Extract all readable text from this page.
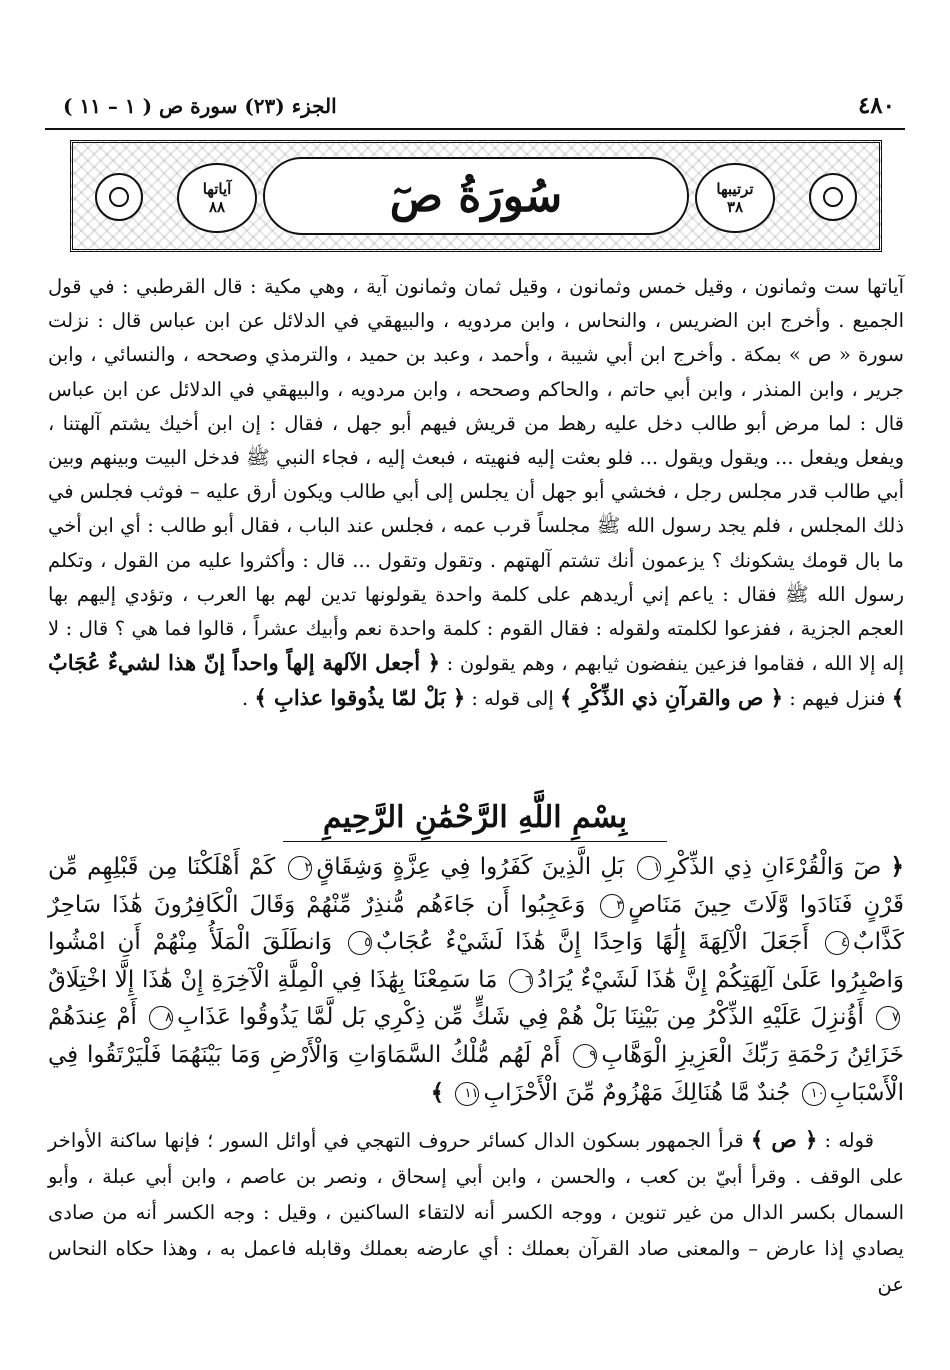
٤٨٠
الجزء (٢٣) سورة ص ( ١ – ١١ )
ترتيبها
٣٨
سُورَةُ صٓ
آياتها
٨٨

آياتها ست وثمانون ، وقيل خمس وثمانون ، وقيل ثمان وثمانون آية ، وهي مكية : قال القرطبي : في قول الجميع . وأخرج ابن الضريس ، والنحاس ، وابن مردويه ، والبيهقي في الدلائل عن ابن عباس قال : نزلت سورة « ص » بمكة . وأخرج ابن أبي شيبة ، وأحمد ، وعبد بن حميد ، والترمذي وصححه ، والنسائي ، وابن جرير ، وابن المنذر ، وابن أبي حاتم ، والحاكم وصححه ، وابن مردويه ، والبيهقي في الدلائل عن ابن عباس قال : لما مرض أبو طالب دخل عليه رهط من قريش فيهم أبو جهل ، فقال : إن ابن أخيك يشتم آلهتنا ، ويفعل ويفعل ... ويقول ويقول ... فلو بعثت إليه فنهيته ، فبعث إليه ، فجاء النبي ﷺ فدخل البيت وبينهم وبين أبي طالب قدر مجلس رجل ، فخشي أبو جهل أن يجلس إلى أبي طالب ويكون أرق عليه – فوثب فجلس في ذلك المجلس ، فلم يجد رسول الله ﷺ مجلساً قرب عمه ، فجلس عند الباب ، فقال أبو طالب : أي ابن أخي ما بال قومك يشكونك ؟ يزعمون أنك تشتم آلهتهم . وتقول وتقول ... قال : وأكثروا عليه من القول ، وتكلم رسول الله ﷺ فقال : ياعم إني أريدهم على كلمة واحدة يقولونها تدين لهم بها العرب ، وتؤدي إليهم بها العجم الجزية ، ففزعوا لكلمته ولقوله : فقال القوم : كلمة واحدة نعم وأبيك عشراً ، قالوا فما هي ؟ قال : لا إله إلا الله ، فقاموا فزعين ينفضون ثيابهم ، وهم يقولون : ﴿ أجعل الآلهة إلهاً واحداً إنّ هذا لشيءٌ عُجَابٌ ﴾ فنزل فيهم : ﴿ ص والقرآنِ ذي الذِّكْرِ ﴾ إلى قوله : ﴿ بَلْ لمّا يذُوقوا عذابِ ﴾ .

بِسْمِ اللَّهِ الرَّحْمَٰنِ الرَّحِيمِ
﴿ صٓ وَالْقُرْءَانِ ذِي الذِّكْرِ١ بَلِ الَّذِينَ كَفَرُوا فِي عِزَّةٍ وَشِقَاقٍ٢ كَمْ أَهْلَكْنَا مِن قَبْلِهِم مِّن قَرْنٍ فَنَادَوا وَّلَاتَ حِينَ مَنَاصٍ٣ وَعَجِبُوا أَن جَاءَهُم مُّنذِرٌ مِّنْهُمْ وَقَالَ الْكَافِرُونَ هَٰذَا سَاحِرٌ كَذَّابٌ٤ أَجَعَلَ الْآلِهَةَ إِلَٰهًا وَاحِدًا إِنَّ هَٰذَا لَشَيْءٌ عُجَابٌ٥ وَانطَلَقَ الْمَلَأُ مِنْهُمْ أَنِ امْشُوا وَاصْبِرُوا عَلَىٰ آلِهَتِكُمْ إِنَّ هَٰذَا لَشَيْءٌ يُرَادُ٦ مَا سَمِعْنَا بِهَٰذَا فِي الْمِلَّةِ الْآخِرَةِ إِنْ هَٰذَا إِلَّا اخْتِلَاقٌ٧ أَؤُنزِلَ عَلَيْهِ الذِّكْرُ مِن بَيْنِنَا بَلْ هُمْ فِي شَكٍّ مِّن ذِكْرِي بَل لَّمَّا يَذُوقُوا عَذَابِ٨ أَمْ عِندَهُمْ خَزَائِنُ رَحْمَةِ رَبِّكَ الْعَزِيزِ الْوَهَّابِ٩ أَمْ لَهُم مُّلْكُ السَّمَاوَاتِ وَالْأَرْضِ وَمَا بَيْنَهُمَا فَلْيَرْتَقُوا فِي الْأَسْبَابِ١٠ جُندٌ مَّا هُنَالِكَ مَهْزُومٌ مِّنَ الْأَحْزَابِ١١ ﴾

قوله : ﴿ ص ﴾ قرأ الجمهور بسكون الدال كسائر حروف التهجي في أوائل السور ؛ فإنها ساكنة الأواخر على الوقف . وقرأ أبيّ بن كعب ، والحسن ، وابن أبي إسحاق ، ونصر بن عاصم ، وابن أبي عبلة ، وأبو السمال بكسر الدال من غير تنوين ، ووجه الكسر أنه لالتقاء الساكنين ، وقيل : وجه الكسر أنه من صادى يصادي إذا عارض – والمعنى صاد القرآن بعملك : أي عارضه بعملك وقابله فاعمل به ، وهذا حكاه النحاس عن
